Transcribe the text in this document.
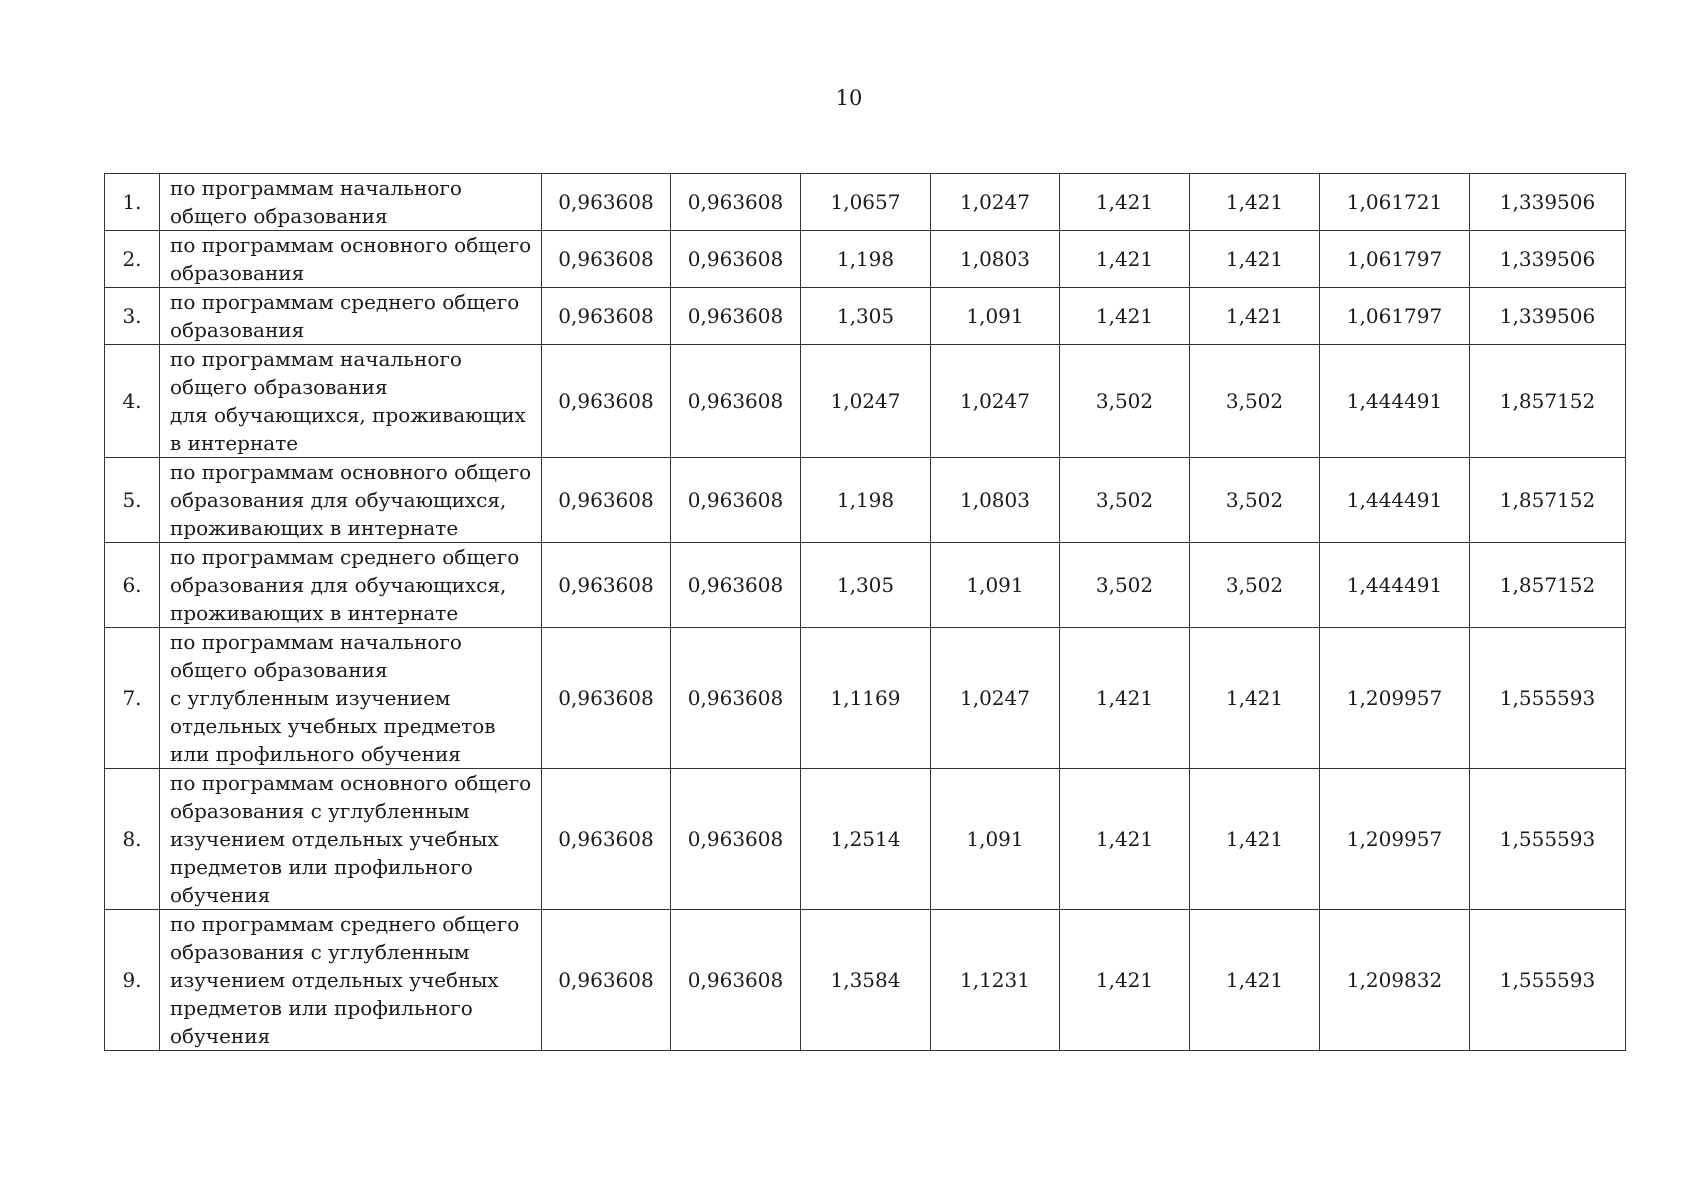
10
1.	по программам начального
общего образования	0,963608	0,963608	1,0657	1,0247	1,421	1,421	1,061721	1,339506
2.	по программам основного общего
образования	0,963608	0,963608	1,198	1,0803	1,421	1,421	1,061797	1,339506
3.	по программам среднего общего
образования	0,963608	0,963608	1,305	1,091	1,421	1,421	1,061797	1,339506
4.	по программам начального
общего образования
для обучающихся, проживающих
в интернате	0,963608	0,963608	1,0247	1,0247	3,502	3,502	1,444491	1,857152
5.	по программам основного общего
образования для обучающихся,
проживающих в интернате	0,963608	0,963608	1,198	1,0803	3,502	3,502	1,444491	1,857152
6.	по программам среднего общего
образования для обучающихся,
проживающих в интернате	0,963608	0,963608	1,305	1,091	3,502	3,502	1,444491	1,857152
7.	по программам начального
общего образования
с углубленным изучением
отдельных учебных предметов
или профильного обучения	0,963608	0,963608	1,1169	1,0247	1,421	1,421	1,209957	1,555593
8.	по программам основного общего
образования с углубленным
изучением отдельных учебных
предметов или профильного
обучения	0,963608	0,963608	1,2514	1,091	1,421	1,421	1,209957	1,555593
9.	по программам среднего общего
образования с углубленным
изучением отдельных учебных
предметов или профильного
обучения	0,963608	0,963608	1,3584	1,1231	1,421	1,421	1,209832	1,555593
